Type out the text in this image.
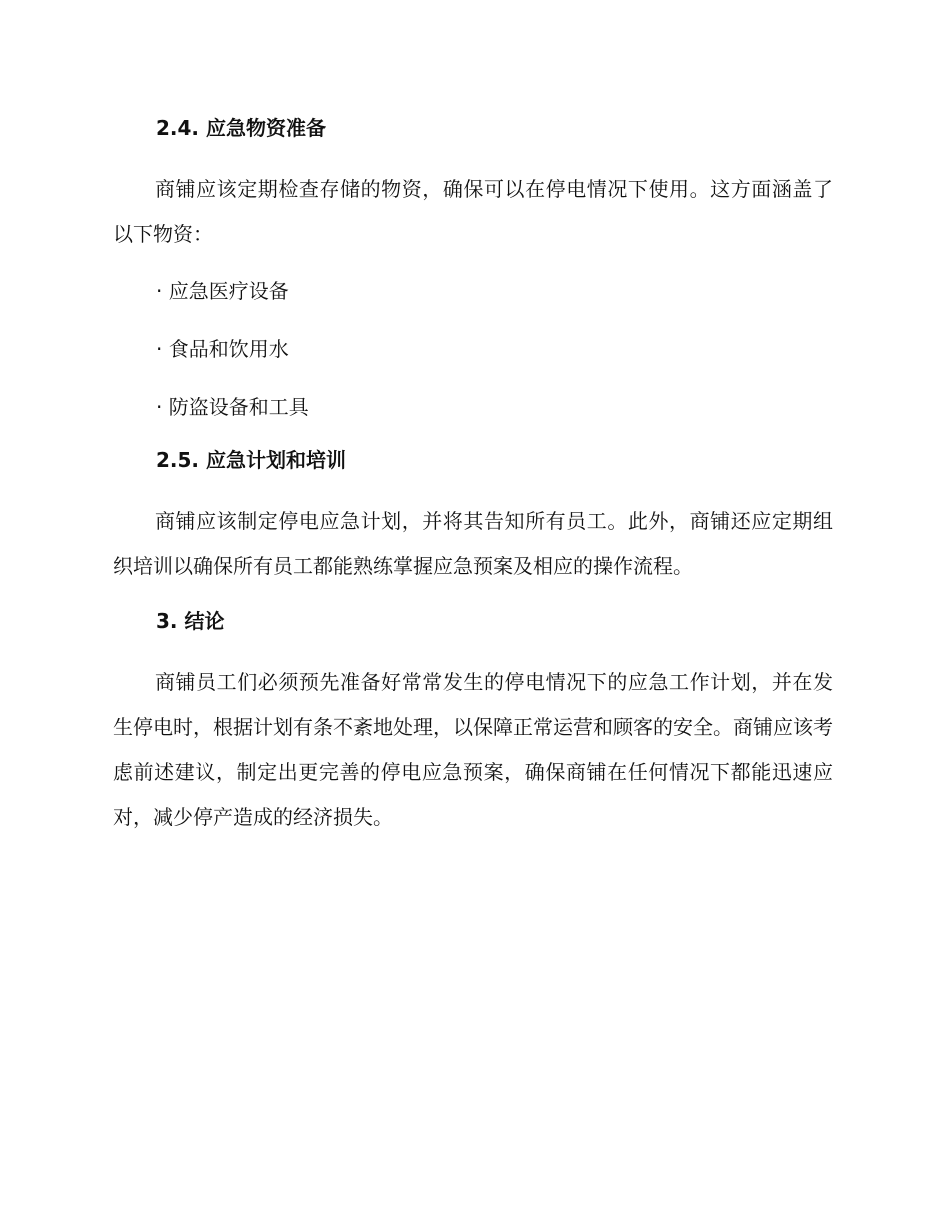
2.4. 应急物资准备

商铺应该定期检查存储的物资，确保可以在停电情况下使用。这方面涵盖了以下物资：

· 应急医疗设备
· 食品和饮用水
· 防盗设备和工具
2.5. 应急计划和培训

商铺应该制定停电应急计划，并将其告知所有员工。此外，商铺还应定期组织培训以确保所有员工都能熟练掌握应急预案及相应的操作流程。

3. 结论

商铺员工们必须预先准备好常常发生的停电情况下的应急工作计划，并在发生停电时，根据计划有条不紊地处理，以保障正常运营和顾客的安全。商铺应该考虑前述建议，制定出更完善的停电应急预案，确保商铺在任何情况下都能迅速应对，减少停产造成的经济损失。
